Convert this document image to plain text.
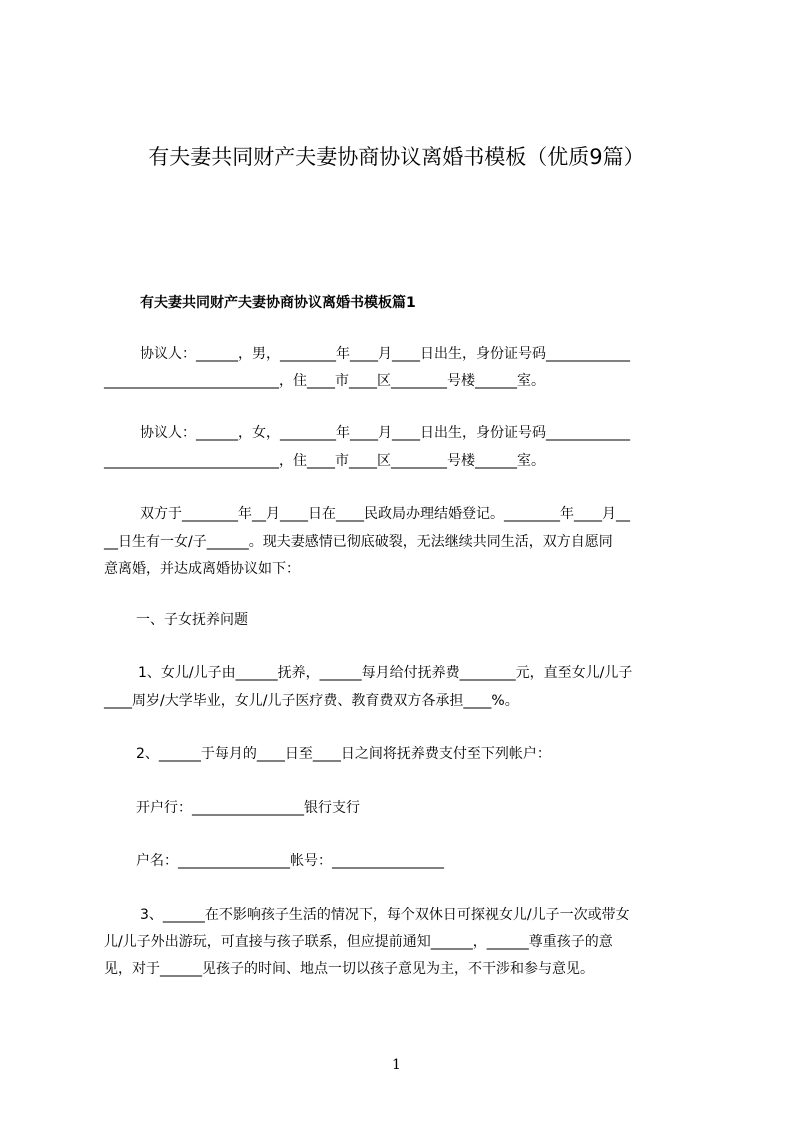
有夫妻共同财产夫妻协商协议离婚书模板（优质9篇）
有夫妻共同财产夫妻协商协议离婚书模板篇1
协议人：______，男，________年____月____日出生，身份证号码____________
_________________________，住____市____区________号楼______室。
协议人：______，女，________年____月____日出生，身份证号码____________
_________________________，住____市____区________号楼______室。
双方于________年__月____日在____民政局办理结婚登记。________年____月__
__日生有一女/子______。现夫妻感情已彻底破裂，无法继续共同生活，双方自愿同
意离婚，并达成离婚协议如下：
一、子女抚养问题
1、女儿/儿子由______抚养，______每月给付抚养费________元，直至女儿/儿子
____周岁/大学毕业，女儿/儿子医疗费、教育费双方各承担____%。
2、______于每月的____日至____日之间将抚养费支付至下列帐户：
开户行：________________银行支行
户名：________________帐号：________________
3、______在不影响孩子生活的情况下，每个双休日可探视女儿/儿子一次或带女
儿/儿子外出游玩，可直接与孩子联系，但应提前通知______，______尊重孩子的意
见，对于______见孩子的时间、地点一切以孩子意见为主，不干涉和参与意见。
1
